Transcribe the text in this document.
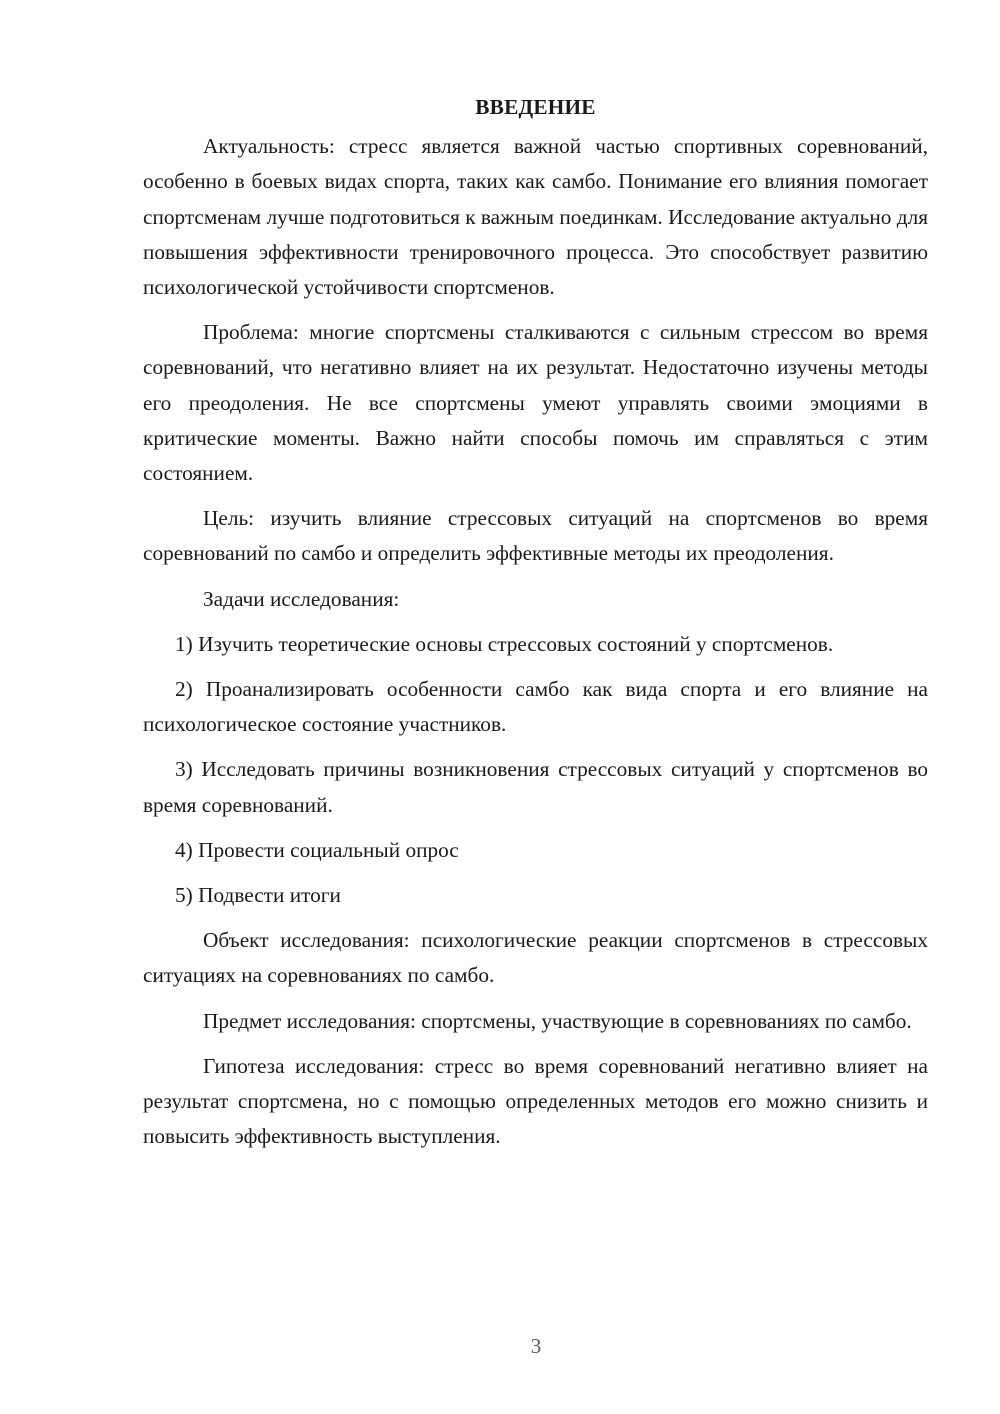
ВВЕДЕНИЕ

Актуальность: стресс является важной частью спортивных соревнований, особенно в боевых видах спорта, таких как самбо. Понимание его влияния помогает спортсменам лучше подготовиться к важным поединкам. Исследование актуально для повышения эффективности тренировочного процесса. Это способствует развитию психологической устойчивости спортсменов.

Проблема: многие спортсмены сталкиваются с сильным стрессом во время соревнований, что негативно влияет на их результат. Недостаточно изучены методы его преодоления. Не все спортсмены умеют управлять своими эмоциями в критические моменты. Важно найти способы помочь им справляться с этим состоянием.

Цель: изучить влияние стрессовых ситуаций на спортсменов во время соревнований по самбо и определить эффективные методы их преодоления.

Задачи исследования:

1) Изучить теоретические основы стрессовых состояний у спортсменов.

2) Проанализировать особенности самбо как вида спорта и его влияние на психологическое состояние участников.

3) Исследовать причины возникновения стрессовых ситуаций у спортсменов во время соревнований.

4) Провести социальный опрос

5) Подвести итоги

Объект исследования: психологические реакции спортсменов в стрессовых ситуациях на соревнованиях по самбо.

Предмет исследования: спортсмены, участвующие в соревнованиях по самбо.

Гипотеза исследования: стресс во время соревнований негативно влияет на результат спортсмена, но с помощью определенных методов его можно снизить и повысить эффективность выступления.

3
